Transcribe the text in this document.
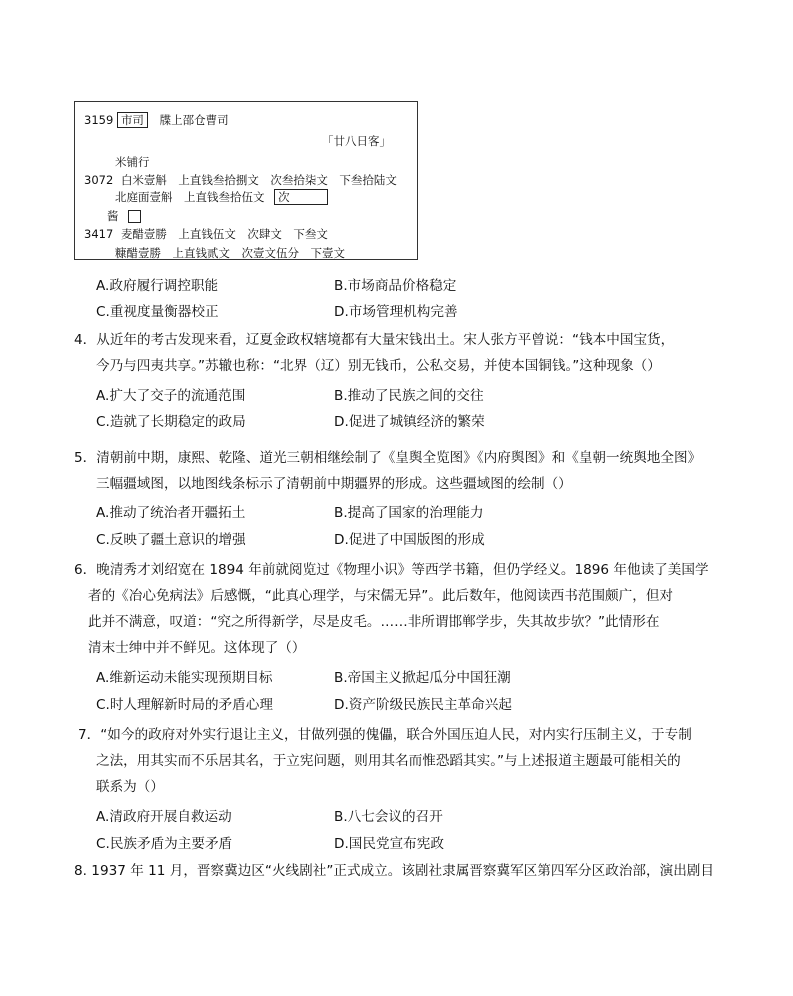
3159 市司 牒上邵仓曹司
「廿八日客」
米铺行
3072 白米壹斛　上直钱叁拾捌文　次叁拾柒文　下叁拾陆文
北庭面壹斛　上直钱叁拾伍文 次
酱
3417 麦醋壹勝　上直钱伍文　次肆文　下叁文
糠醋壹勝　上直钱贰文　次壹文伍分　下壹文
A.政府履行调控职能	B.市场商品价格稳定
C.重视度量衡器校正	D.市场管理机构完善
4．从近年的考古发现来看，辽夏金政权辖境都有大量宋钱出土。宋人张方平曾说：“钱本中国宝货，
今乃与四夷共享。”苏辙也称：“北界（辽）别无钱币，公私交易，并使本国铜钱。”这种现象（）
A.扩大了交子的流通范围	B.推动了民族之间的交往
C.造就了长期稳定的政局	D.促进了城镇经济的繁荣
5．清朝前中期，康熙、乾隆、道光三朝相继绘制了《皇舆全览图》《内府舆图》和《皇朝一统舆地全图》
三幅疆域图，以地图线条标示了清朝前中期疆界的形成。这些疆域图的绘制（）
A.推动了统治者开疆拓土	B.提高了国家的治理能力
C.反映了疆土意识的增强	D.促进了中国版图的形成
6．晚清秀才刘绍宽在 1894 年前就阅览过《物理小识》等西学书籍，但仍学经义。1896 年他读了美国学
者的《冶心免病法》后感慨，“此真心理学，与宋儒无异”。此后数年，他阅读西书范围颇广，但对
此并不满意，叹道：“究之所得新学，尽是皮毛。……非所谓邯郸学步，失其故步欤？”此情形在
清末士绅中并不鲜见。这体现了（）
A.维新运动未能实现预期目标	B.帝国主义掀起瓜分中国狂潮
C.时人理解新时局的矛盾心理	D.资产阶级民族民主革命兴起
7．“如今的政府对外实行退让主义，甘做列强的傀儡，联合外国压迫人民，对内实行压制主义，于专制
之法，用其实而不乐居其名，于立宪问题，则用其名而惟恐蹈其实。”与上述报道主题最可能相关的
联系为（）
A.清政府开展自救运动	B.八七会议的召开
C.民族矛盾为主要矛盾	D.国民党宣布宪政
8. 1937 年 11 月，晋察冀边区“火线剧社”正式成立。该剧社隶属晋察冀军区第四军分区政治部，演出剧目
